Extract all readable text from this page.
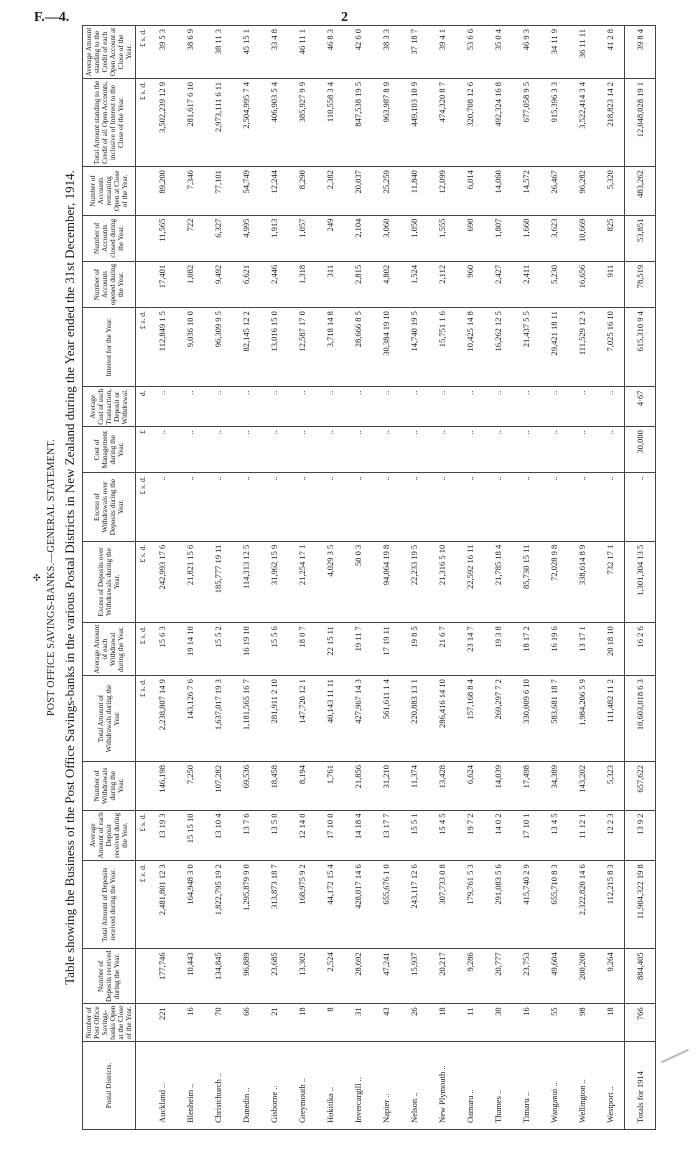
F.—4.	2
✣ POST OFFICE SAVINGS-BANKS.—GENERAL STATEMENT. Table showing the Business of the Post Office Savings-banks in the various Postal Districts in New Zealand during the Year ended the 31st December, 1914.
Postal Districts.	Number of Post Office Savings-banks Open at the Close of the Year.	Number of Deposits received during the Year.	Total Amount of Deposits received during the Year.	Average Amount of each Deposit received during the Year.	Number of Withdrawals during the Year.	Total Amount of Withdrawals during the Year.	Average Amount of each Withdrawal during the Year.	Excess of Deposits over Withdrawals during the Year.	Excess of Withdrawals over Deposits during the Year.	Cost of Management during the Year.	Average Cost of each Transaction, Deposit or Withdrawal.	Interest for the Year.	Number of Accounts opened during the Year.	Number of Accounts closed during the Year.	Number of Accounts remaining Open at Close of the Year.	Total Amount standing to the Credit of all Open Accounts, inclusive of Interest to the Close of the Year.	Average Amount standing to the Credit of each Open Account at Close of the Year.
			£ s. d.	£ s. d.		£ s. d.	£ s. d.	£ s. d.	£ s. d.	£	d.	£ s. d.				£ s. d.	£ s. d.
Auckland ..	221	177,746	2,481,801 12 3	13 19 3	146,198	2,238,807 14 9	15 6 3	242,993 17 6	..	..	..	112,849 1 5	17,401	11,565	89,200	3,502,239 12 9	39 5 3
Blenheim ..	16	10,443	164,948 3 0	15 15 10	7,250	143,126 7 6	19 14 10	21,821 15 6	..	..	..	9,036 10 0	1,082	722	7,346	281,617 6 10	38 6 9
Christchurch ..	70	134,845	1,822,795 19 2	13 10 4	107,282	1,637,017 19 3	15 5 2	185,777 19 11	..	..	..	96,309 9 5	9,492	6,327	77,101	2,973,111 6 11	38 11 3
Dunedin ..	66	96,889	1,295,879 9 0	13 7 6	69,536	1,181,565 16 7	16 19 10	114,313 12 5	..	..	..	82,145 12 2	6,621	4,995	54,749	2,504,995 7 4	45 15 1
Gisborne ..	21	23,685	313,873 18 7	13 5 0	18,458	281,911 2 10	15 5 6	31,962 15 9	..	..	..	13,016 15 0	2,446	1,913	12,244	406,903 5 4	33 4 8
Greymouth ..	18	13,302	168,975 9 2	12 14 0	8,194	147,720 12 1	18 0 7	21,254 17 1	..	..	..	12,587 17 0	1,318	1,057	8,290	385,927 9 9	46 11 1
Hokitika ..	8	2,524	44,172 15 4	17 10 0	1,761	40,143 11 11	22 15 11	4,029 3 5	..	..	..	3,718 14 8	311	249	2,382	110,558 3 4	46 8 3
Invercargill ..	31	28,692	428,017 14 6	14 18 4	21,856	427,967 14 3	19 11 7	50 0 3	..	..	..	28,666 8 5	2,815	2,104	20,037	847,538 19 5	42 6 0
Napier ..	43	47,241	655,676 1 0	13 17 7	31,210	561,611 1 4	17 19 11	94,064 19 8	..	..	..	30,384 19 10	4,802	3,060	25,259	963,987 8 9	38 3 3
Nelson ..	26	15,937	243,117 12 6	15 5 1	11,374	220,883 13 1	19 8 5	22,233 19 5	..	..	..	14,740 19 5	1,524	1,050	11,840	449,103 10 9	37 18 7
New Plymouth ..	18	20,217	307,733 0 8	15 4 5	13,428	286,416 14 10	21 6 7	21,316 5 10	..	..	..	15,751 1 6	2,112	1,555	12,099	474,320 8 7	39 4 1
Oamaru ..	11	9,286	179,761 5 3	19 7 2	6,624	157,168 8 4	23 14 7	22,592 16 11	..	..	..	10,425 14 8	960	690	6,014	320,708 12 6	53 6 6
Thames ..	30	20,777	291,083 5 6	14 0 2	14,039	269,297 7 2	19 3 8	21,785 18 4	..	..	..	16,262 12 5	2,427	1,807	14,060	492,324 16 8	35 0 4
Timaru ..	16	23,753	415,740 2 9	17 10 1	17,498	330,009 6 10	18 17 2	85,730 15 11	..	..	..	21,437 5 5	2,411	1,660	14,572	677,058 9 5	46 9 3
Wanganui ..	55	49,604	655,710 8 3	13 4 5	34,389	583,681 18 7	16 19 6	72,028 9 8	..	..	..	29,421 18 11	5,230	3,623	26,467	915,396 3 3	34 11 9
Wellington ..	98	200,200	2,322,820 14 6	11 12 1	143,202	1,984,206 5 9	13 17 1	338,614 8 9	..	..	..	111,529 12 3	16,656	10,669	96,282	3,522,414 3 4	36 11 11
Westport ..	18	9,264	112,215 8 3	12 2 3	5,323	111,482 11 2	20 18 10	732 17 1	..	..	..	7,025 16 10	911	825	5,320	218,823 14 2	41 2 8
Totals for 1914	766	884,405	11,904,322 19 8	13 9 2	657,622	10,603,018 6 3	16 2 6	1,301,304 13 5	..	30,000	4·67	615,310 9 4	78,519	53,851	483,262	12,048,028 19 1	39 8 4
